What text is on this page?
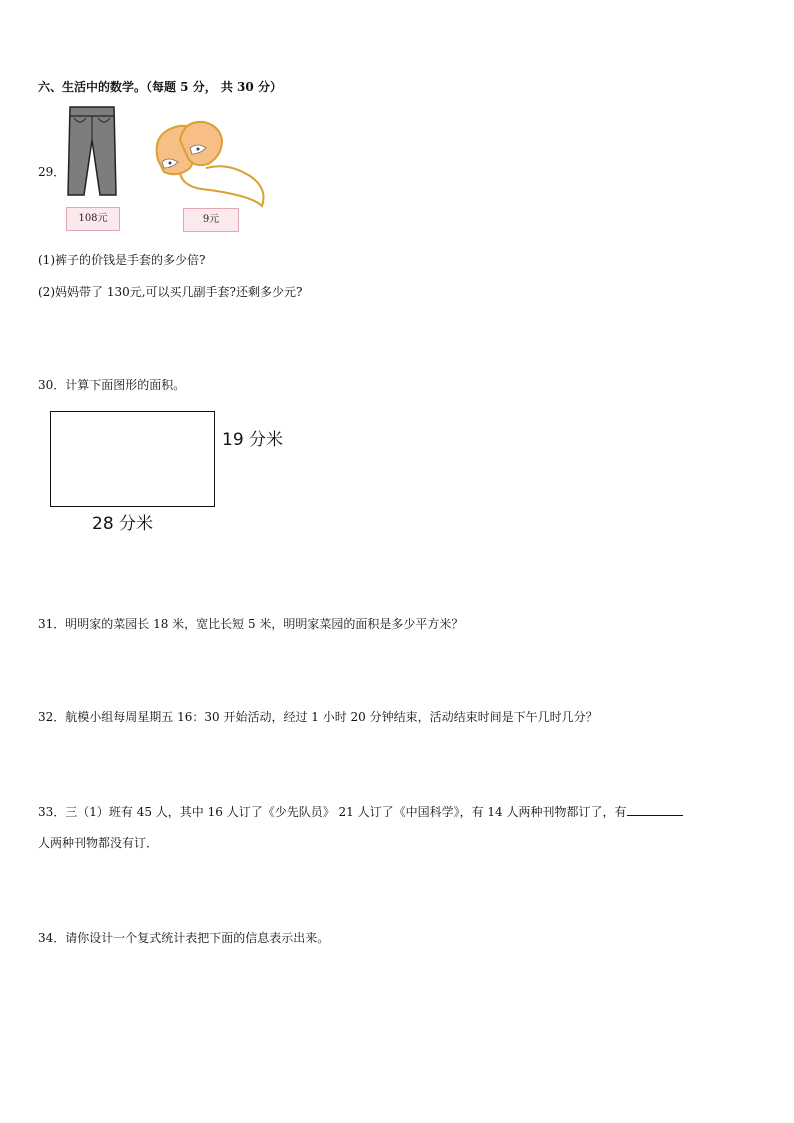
六、生活中的数学。（每题 5 分， 共 30 分）
29．
108元	9元
(1)裤子的价钱是手套的多少倍?
(2)妈妈带了 130元,可以买几副手套?还剩多少元?
30．计算下面图形的面积。
19 分米
28 分米
31．明明家的菜园长 18 米，宽比长短 5 米，明明家菜园的面积是多少平方米？
32．航模小组每周星期五 16：30 开始活动，经过 1 小时 20 分钟结束，活动结束时间是下午几时几分？
33．三（1）班有 45 人，其中 16 人订了《少先队员》 21 人订了《中国科学》，有 14 人两种刊物都订了，有
人两种刊物都没有订．
34．请你设计一个复式统计表把下面的信息表示出来。
